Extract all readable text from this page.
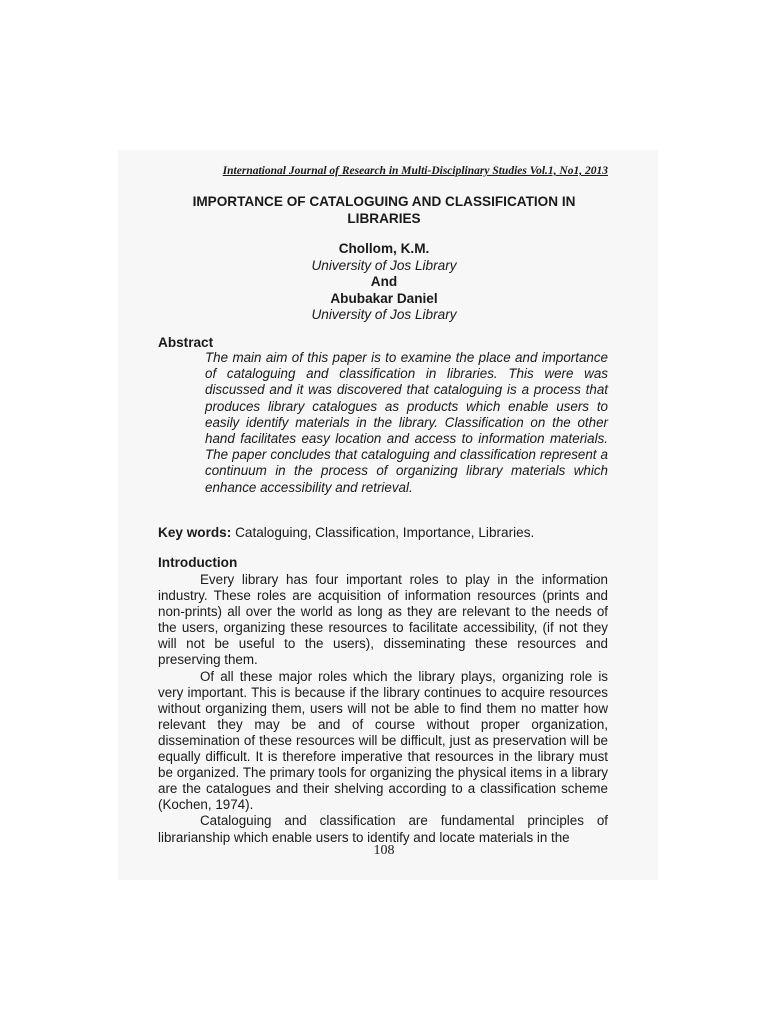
International Journal of Research in Multi-Disciplinary Studies Vol.1, No1, 2013
IMPORTANCE OF CATALOGUING AND CLASSIFICATION IN LIBRARIES
Chollom, K.M.
University of Jos Library
And
Abubakar Daniel
University of Jos Library
Abstract
The main aim of this paper is to examine the place and importance of cataloguing and classification in libraries. This were was discussed and it was discovered that cataloguing is a process that produces library catalogues as products which enable users to easily identify materials in the library. Classification on the other hand facilitates easy location and access to information materials. The paper concludes that cataloguing and classification represent a continuum in the process of organizing library materials which enhance accessibility and retrieval.
Key words: Cataloguing, Classification, Importance, Libraries.
Introduction

Every library has four important roles to play in the information industry. These roles are acquisition of information resources (prints and non-prints) all over the world as long as they are relevant to the needs of the users, organizing these resources to facilitate accessibility, (if not they will not be useful to the users), disseminating these resources and preserving them.

Of all these major roles which the library plays, organizing role is very important. This is because if the library continues to acquire resources without organizing them, users will not be able to find them no matter how relevant they may be and of course without proper organization, dissemination of these resources will be difficult, just as preservation will be equally difficult. It is therefore imperative that resources in the library must be organized. The primary tools for organizing the physical items in a library are the catalogues and their shelving according to a classification scheme (Kochen, 1974).

Cataloguing and classification are fundamental principles of librarianship which enable users to identify and locate materials in the

108
